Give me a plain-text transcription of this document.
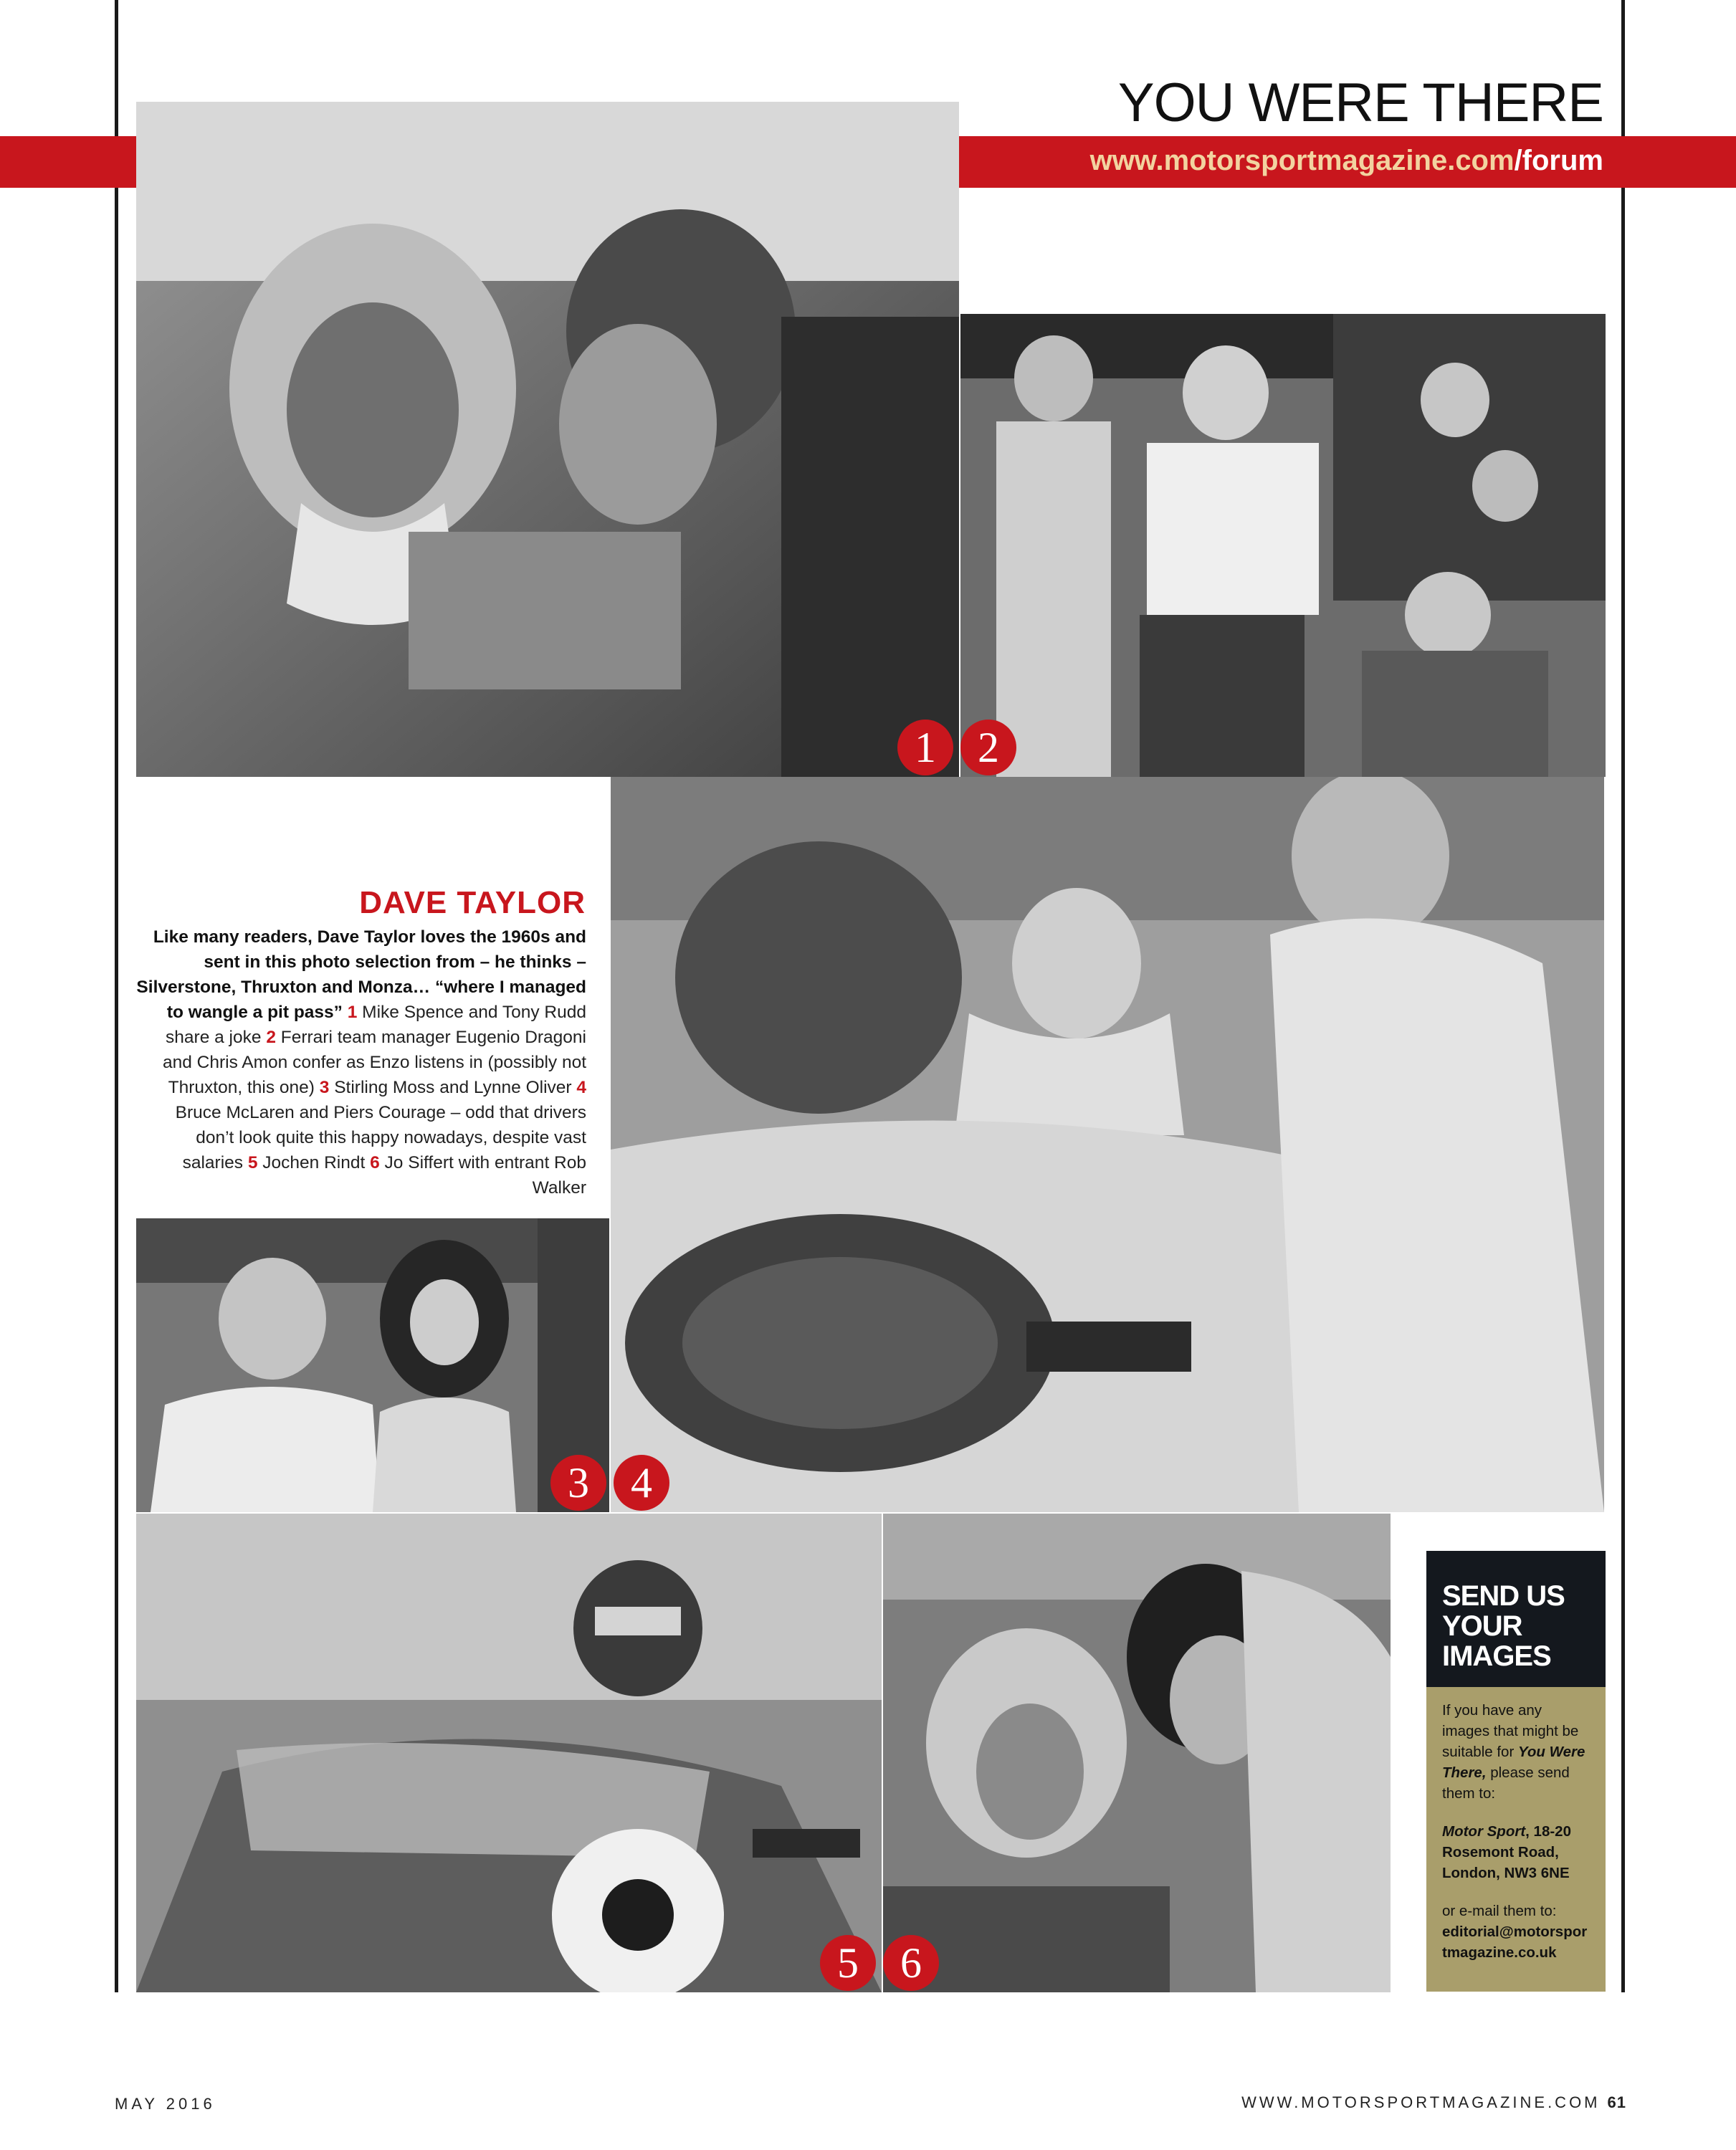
YOU WERE THERE
www.motorsportmagazine.com/forum
1 2
3 4
5 6
DAVE TAYLOR
Like many readers, Dave Taylor loves the 1960s and sent in this photo selection from – he thinks – Silverstone, Thruxton and Monza… “where I managed to wangle a pit pass” 1 Mike Spence and Tony Rudd share a joke 2 Ferrari team manager Eugenio Dragoni and Chris Amon confer as Enzo listens in (possibly not Thruxton, this one) 3 Stirling Moss and Lynne Oliver 4 Bruce McLaren and Piers Courage – odd that drivers don’t look quite this happy nowadays, despite vast salaries 5 Jochen Rindt 6 Jo Siffert with entrant Rob Walker
SEND US
YOUR IMAGES

If you have any images that might be suitable for You Were There, please send them to:

Motor Sport, 18-20 Rosemont Road, London, NW3 6NE

or e-mail them to:
editorial@motorsportmagazine.co.uk

MAY 2016	WWW.MOTORSPORTMAGAZINE.COM 61
